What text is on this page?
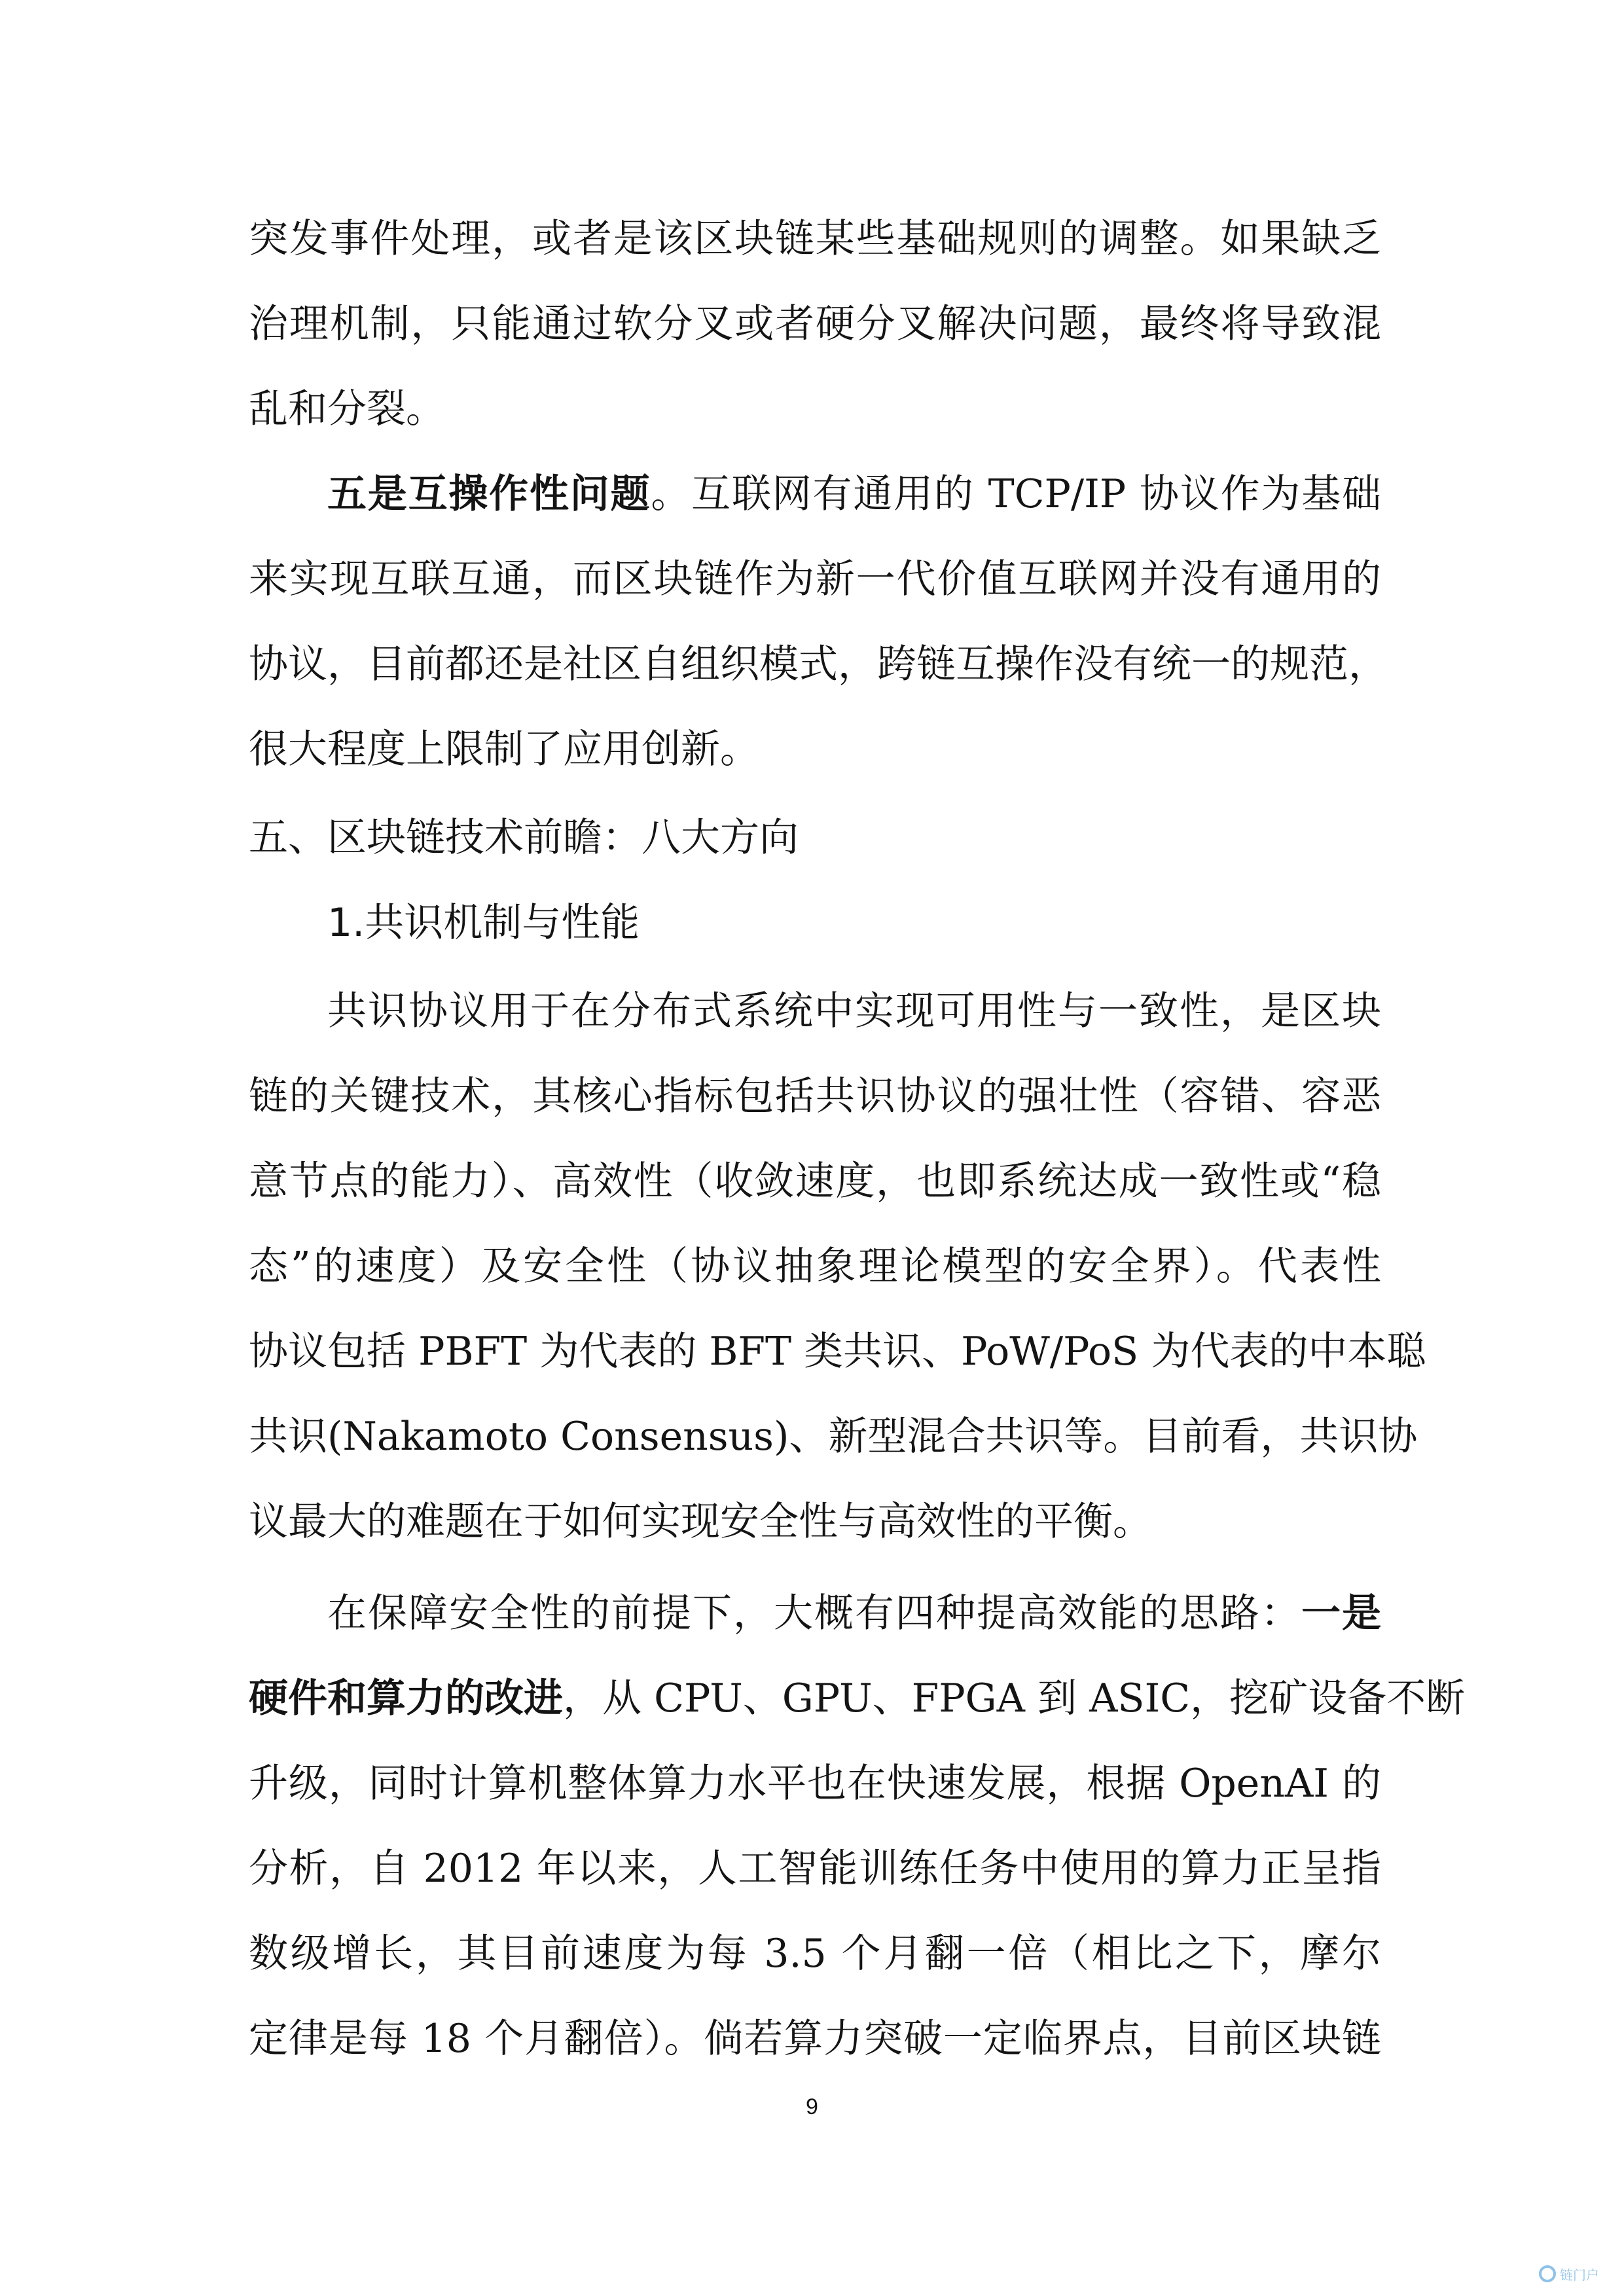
突发事件处理，或者是该区块链某些基础规则的调整。如果缺乏
治理机制，只能通过软分叉或者硬分叉解决问题，最终将导致混
乱和分裂。
五是互操作性问题。互联网有通用的 TCP/IP 协议作为基础
来实现互联互通，而区块链作为新一代价值互联网并没有通用的
协议，目前都还是社区自组织模式，跨链互操作没有统一的规范，
很大程度上限制了应用创新。
五、区块链技术前瞻：八大方向
1.共识机制与性能
共识协议用于在分布式系统中实现可用性与一致性，是区块
链的关键技术，其核心指标包括共识协议的强壮性（容错、容恶
意节点的能力）、高效性（收敛速度，也即系统达成一致性或“稳
态”的速度）及安全性（协议抽象理论模型的安全界）。代表性
协议包括 PBFT 为代表的 BFT 类共识、PoW/PoS 为代表的中本聪
共识(Nakamoto Consensus)、新型混合共识等。目前看，共识协
议最大的难题在于如何实现安全性与高效性的平衡。
在保障安全性的前提下，大概有四种提高效能的思路：一是
硬件和算力的改进，从 CPU、GPU、FPGA 到 ASIC，挖矿设备不断
升级，同时计算机整体算力水平也在快速发展，根据 OpenAI 的
分析，自 2012 年以来，人工智能训练任务中使用的算力正呈指
数级增长，其目前速度为每 3.5 个月翻一倍（相比之下，摩尔
定律是每 18 个月翻倍）。倘若算力突破一定临界点，目前区块链
9
链门户
